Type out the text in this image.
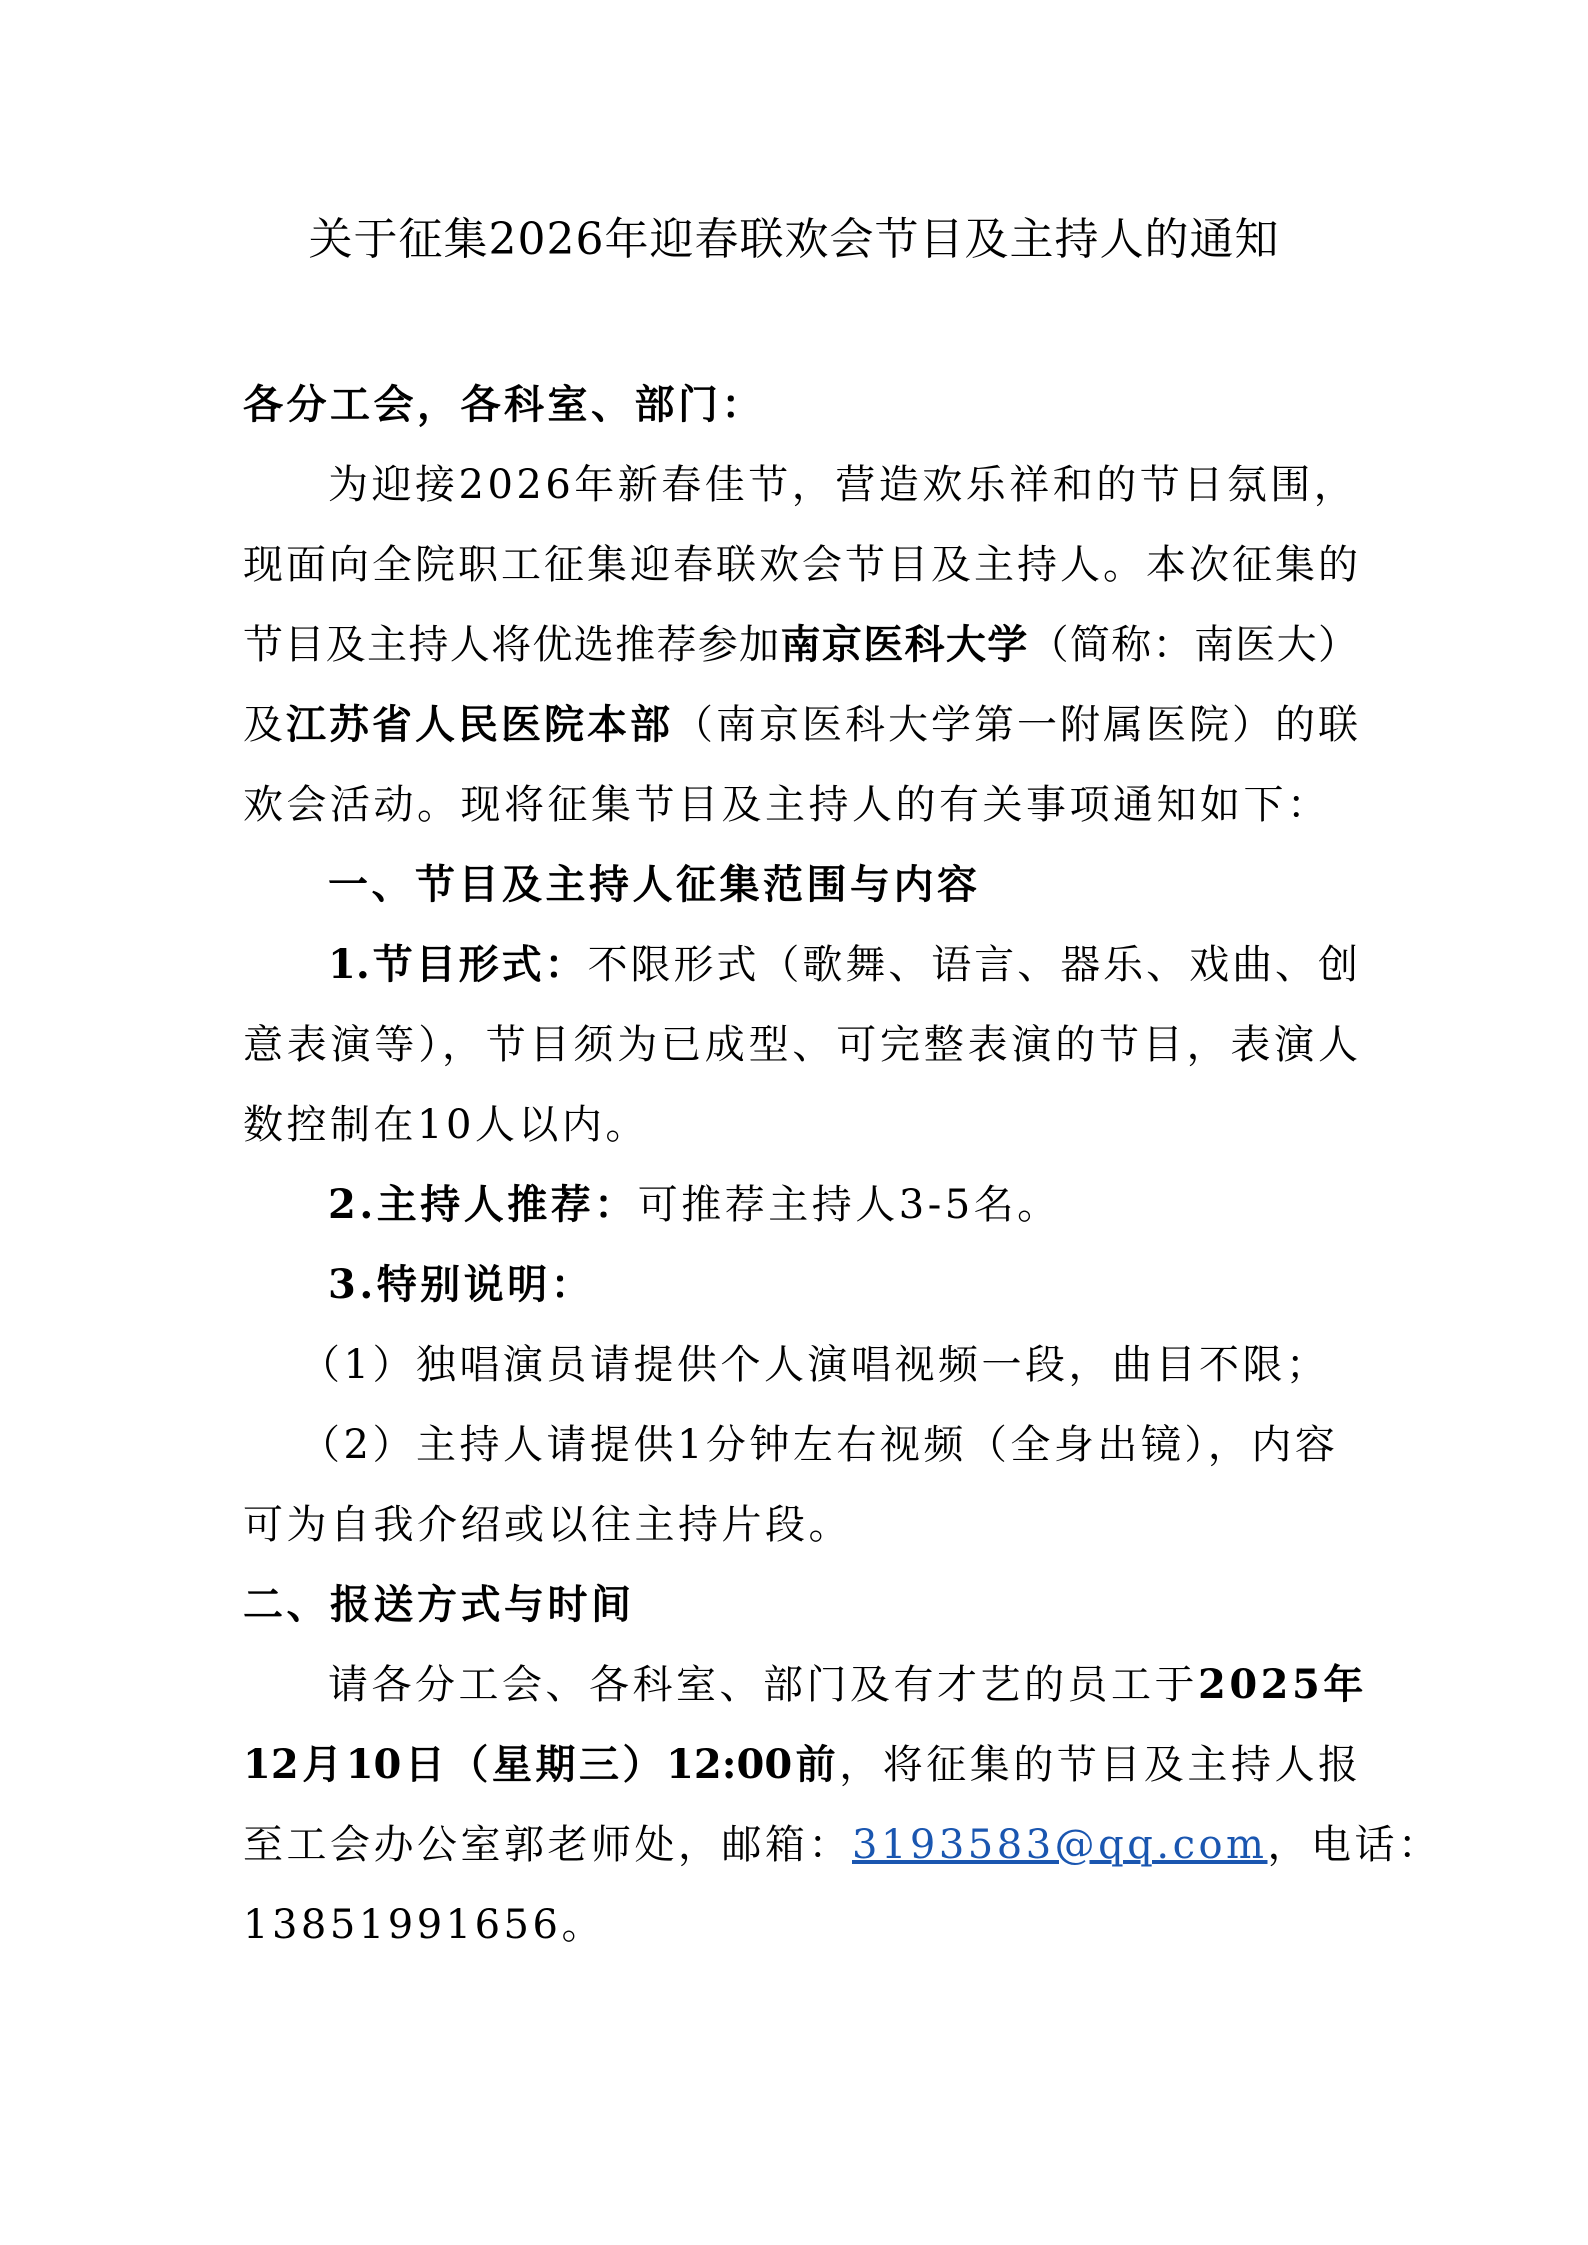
关于征集2026年迎春联欢会节目及主持人的通知
各分工会，各科室、部门：
为迎接2026年新春佳节，营造欢乐祥和的节日氛围，
现面向全院职工征集迎春联欢会节目及主持人。本次征集的
节目及主持人将优选推荐参加南京医科大学（简称：南医大）
及江苏省人民医院本部（南京医科大学第一附属医院）的联
欢会活动。现将征集节目及主持人的有关事项通知如下：
一、节目及主持人征集范围与内容
1.节目形式：不限形式（歌舞、语言、器乐、戏曲、创
意表演等），节目须为已成型、可完整表演的节目，表演人
数控制在10人以内。
2.主持人推荐：可推荐主持人3-5名。
3.特别说明：
（1）独唱演员请提供个人演唱视频一段，曲目不限；
（2）主持人请提供1分钟左右视频（全身出镜），内容
可为自我介绍或以往主持片段。
二、报送方式与时间
请各分工会、各科室、部门及有才艺的员工于2025年
12月10日（星期三）12:00前，将征集的节目及主持人报
至工会办公室郭老师处，邮箱：3193583@qq.com，电话：
13851991656。
